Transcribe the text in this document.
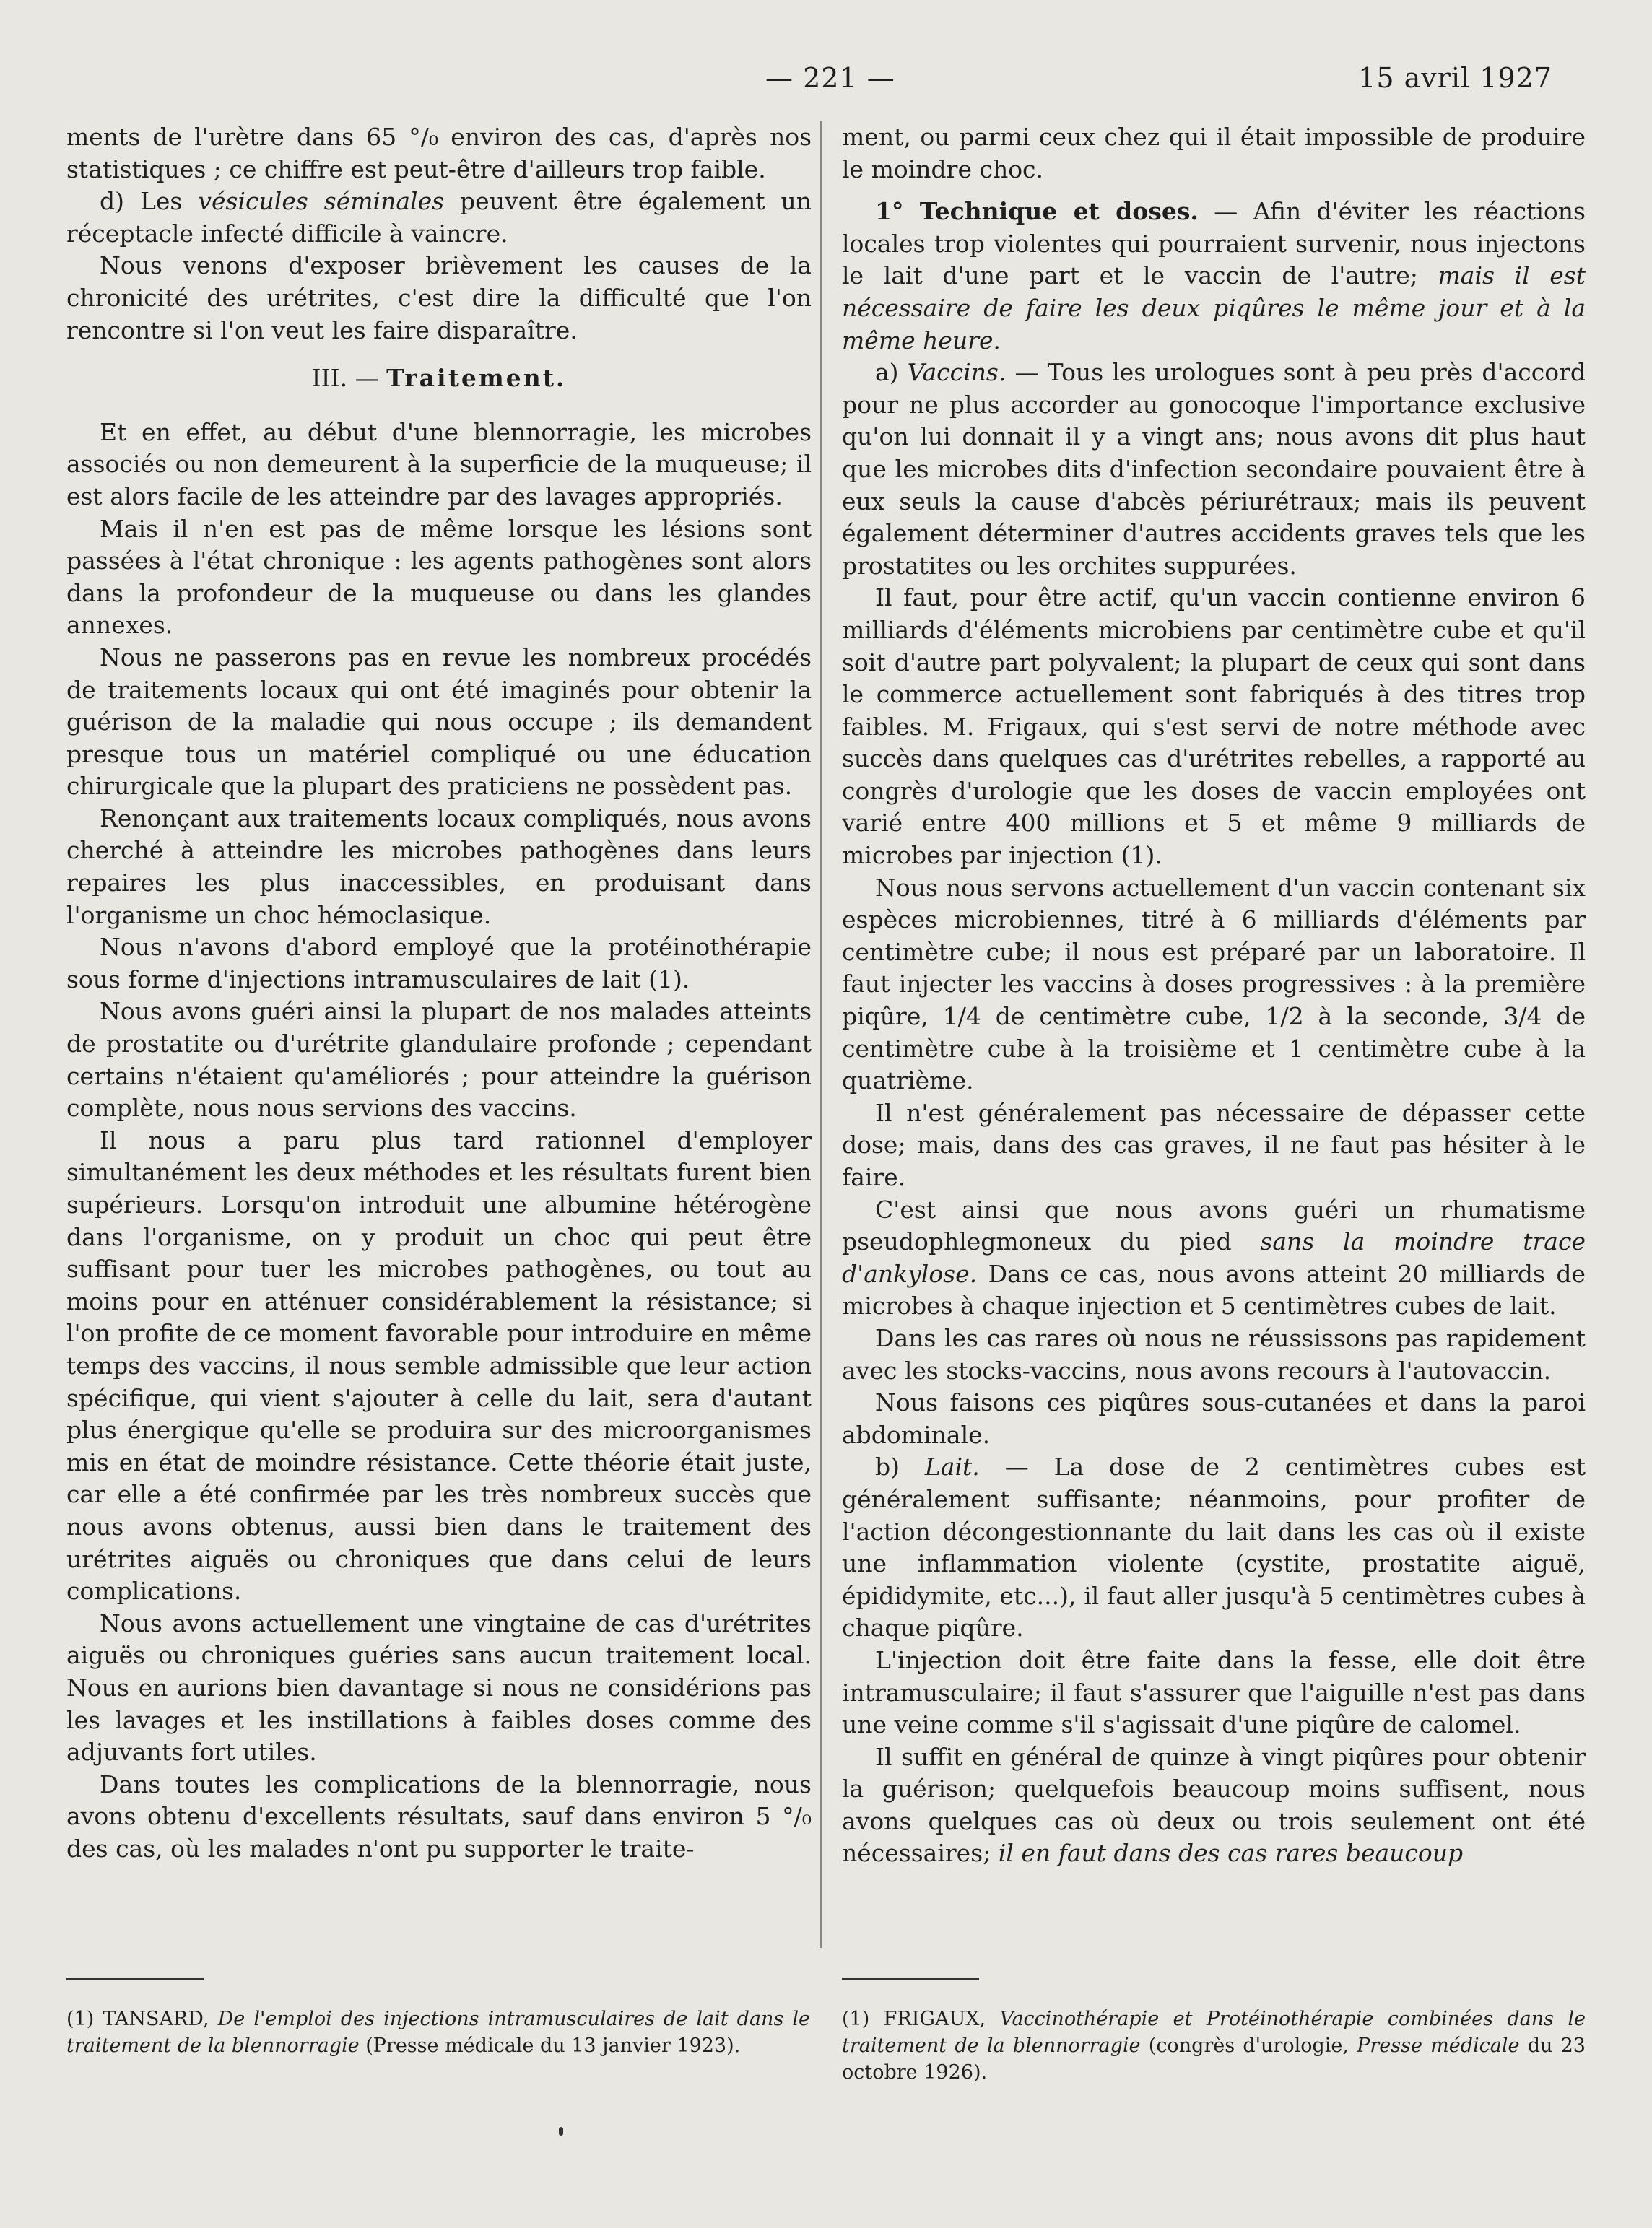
— 221 —	15 avril 1927

ments de l'urètre dans 65 °/₀ environ des cas, d'après nos statistiques ; ce chiffre est peut-être d'ailleurs trop faible.

d) Les vésicules séminales peuvent être également un réceptacle infecté difficile à vaincre.

Nous venons d'exposer brièvement les causes de la chronicité des urétrites, c'est dire la difficulté que l'on rencontre si l'on veut les faire disparaître.

III. — Traitement.

Et en effet, au début d'une blennorragie, les microbes associés ou non demeurent à la superficie de la muqueuse; il est alors facile de les atteindre par des lavages appropriés.

Mais il n'en est pas de même lorsque les lésions sont passées à l'état chronique : les agents pathogènes sont alors dans la profondeur de la muqueuse ou dans les glandes annexes.

Nous ne passerons pas en revue les nombreux procédés de traitements locaux qui ont été imaginés pour obtenir la guérison de la maladie qui nous occupe ; ils demandent presque tous un matériel compliqué ou une éducation chirurgicale que la plupart des praticiens ne possèdent pas.

Renonçant aux traitements locaux compliqués, nous avons cherché à atteindre les microbes pathogènes dans leurs repaires les plus inaccessibles, en produisant dans l'organisme un choc hémoclasique.

Nous n'avons d'abord employé que la protéinothérapie sous forme d'injections intramusculaires de lait (1).

Nous avons guéri ainsi la plupart de nos malades atteints de prostatite ou d'urétrite glandulaire profonde ; cependant certains n'étaient qu'améliorés ; pour atteindre la guérison complète, nous nous servions des vaccins.

Il nous a paru plus tard rationnel d'employer simultanément les deux méthodes et les résultats furent bien supérieurs. Lorsqu'on introduit une albumine hétérogène dans l'organisme, on y produit un choc qui peut être suffisant pour tuer les microbes pathogènes, ou tout au moins pour en atténuer considérablement la résistance; si l'on profite de ce moment favorable pour introduire en même temps des vaccins, il nous semble admissible que leur action spécifique, qui vient s'ajouter à celle du lait, sera d'autant plus énergique qu'elle se produira sur des microorganismes mis en état de moindre résistance. Cette théorie était juste, car elle a été confirmée par les très nombreux succès que nous avons obtenus, aussi bien dans le traitement des urétrites aiguës ou chroniques que dans celui de leurs complications.

Nous avons actuellement une vingtaine de cas d'urétrites aiguës ou chroniques guéries sans aucun traitement local. Nous en aurions bien davantage si nous ne considérions pas les lavages et les instillations à faibles doses comme des adjuvants fort utiles.

Dans toutes les complications de la blennorragie, nous avons obtenu d'excellents résultats, sauf dans environ 5 °/₀ des cas, où les malades n'ont pu supporter le traite-

ment, ou parmi ceux chez qui il était impossible de produire le moindre choc.

1° Technique et doses. — Afin d'éviter les réactions locales trop violentes qui pourraient survenir, nous injectons le lait d'une part et le vaccin de l'autre; mais il est nécessaire de faire les deux piqûres le même jour et à la même heure.

a) Vaccins. — Tous les urologues sont à peu près d'accord pour ne plus accorder au gonocoque l'importance exclusive qu'on lui donnait il y a vingt ans; nous avons dit plus haut que les microbes dits d'infection secondaire pouvaient être à eux seuls la cause d'abcès périurétraux; mais ils peuvent également déterminer d'autres accidents graves tels que les prostatites ou les orchites suppurées.

Il faut, pour être actif, qu'un vaccin contienne environ 6 milliards d'éléments microbiens par centimètre cube et qu'il soit d'autre part polyvalent; la plupart de ceux qui sont dans le commerce actuellement sont fabriqués à des titres trop faibles. M. Frigaux, qui s'est servi de notre méthode avec succès dans quelques cas d'urétrites rebelles, a rapporté au congrès d'urologie que les doses de vaccin employées ont varié entre 400 millions et 5 et même 9 milliards de microbes par injection (1).

Nous nous servons actuellement d'un vaccin contenant six espèces microbiennes, titré à 6 milliards d'éléments par centimètre cube; il nous est préparé par un laboratoire. Il faut injecter les vaccins à doses progressives : à la première piqûre, 1/4 de centimètre cube, 1/2 à la seconde, 3/4 de centimètre cube à la troisième et 1 centimètre cube à la quatrième.

Il n'est généralement pas nécessaire de dépasser cette dose; mais, dans des cas graves, il ne faut pas hésiter à le faire.

C'est ainsi que nous avons guéri un rhumatisme pseudophlegmoneux du pied sans la moindre trace d'ankylose. Dans ce cas, nous avons atteint 20 milliards de microbes à chaque injection et 5 centimètres cubes de lait.

Dans les cas rares où nous ne réussissons pas rapidement avec les stocks-vaccins, nous avons recours à l'autovaccin.

Nous faisons ces piqûres sous-cutanées et dans la paroi abdominale.

b) Lait. — La dose de 2 centimètres cubes est généralement suffisante; néanmoins, pour profiter de l'action décongestionnante du lait dans les cas où il existe une inflammation violente (cystite, prostatite aiguë, épididymite, etc...), il faut aller jusqu'à 5 centimètres cubes à chaque piqûre.

L'injection doit être faite dans la fesse, elle doit être intramusculaire; il faut s'assurer que l'aiguille n'est pas dans une veine comme s'il s'agissait d'une piqûre de calomel.

Il suffit en général de quinze à vingt piqûres pour obtenir la guérison; quelquefois beaucoup moins suffisent, nous avons quelques cas où deux ou trois seulement ont été nécessaires; il en faut dans des cas rares beaucoup

(1) TANSARD, De l'emploi des injections intramusculaires de lait dans le traitement de la blennorragie (Presse médicale du 13 janvier 1923).
(1) FRIGAUX, Vaccinothérapie et Protéinothérapie combinées dans le traitement de la blennorragie (congrès d'urologie, Presse médicale du 23 octobre 1926).
